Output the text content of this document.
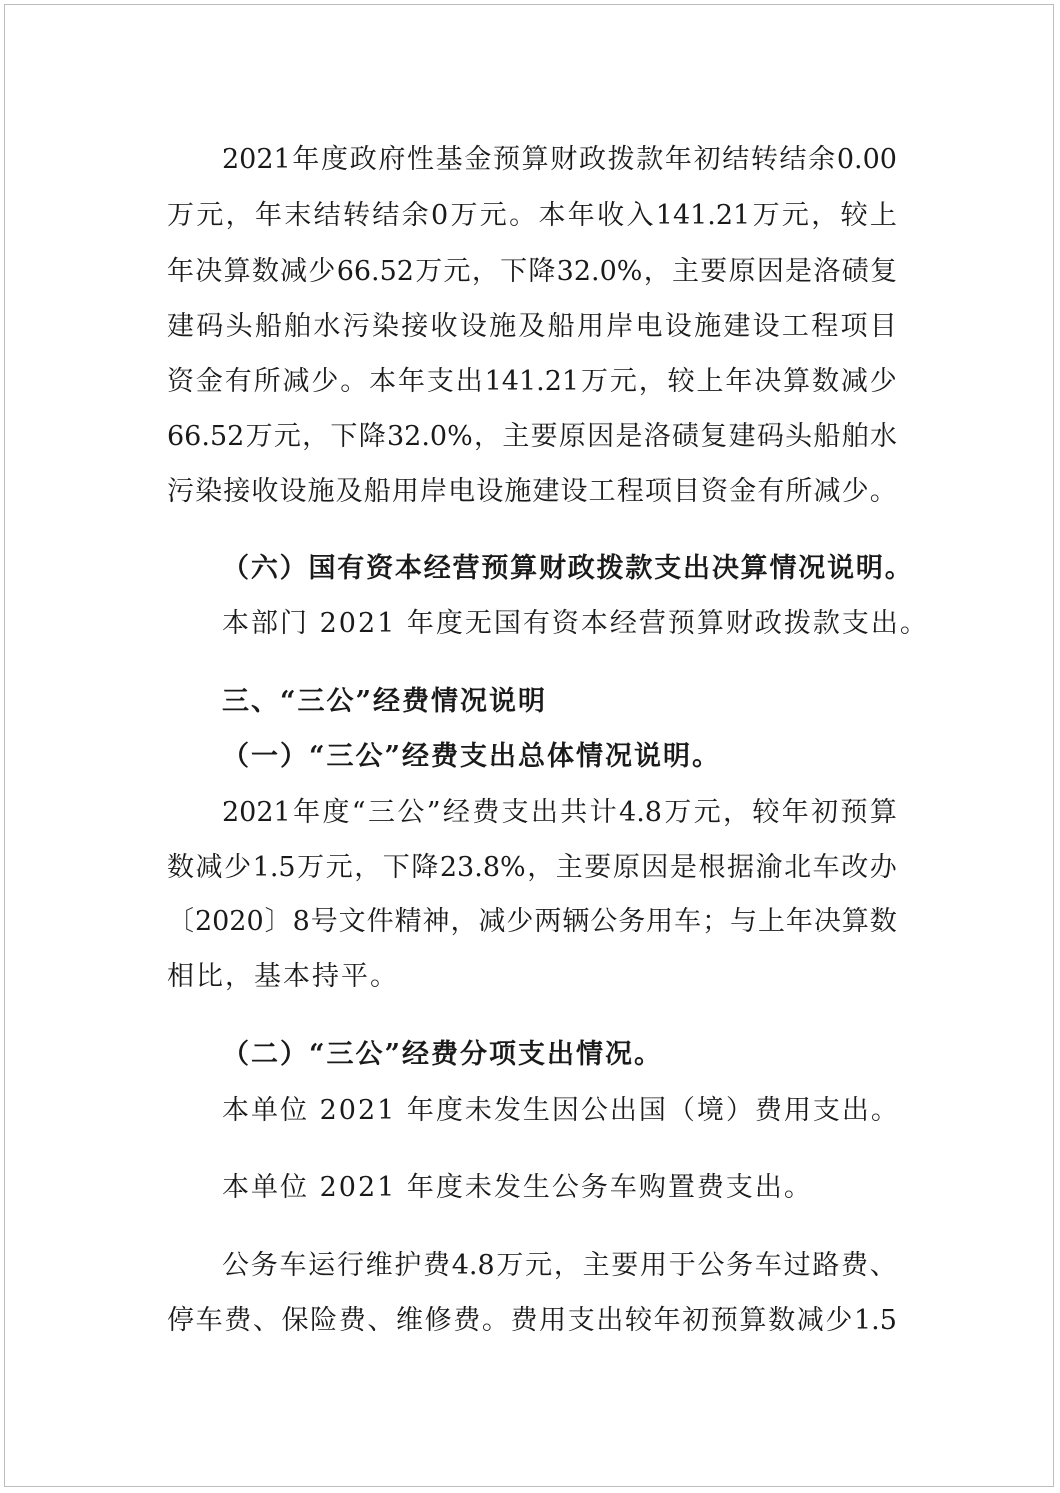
2021 年 度 政 府 性 基 金 预 算 财 政 拨 款 年 初 结 转 结 余 0.00
万 元 ， 年 末 结 转 结 余 0 万 元 。 本 年 收 入 141.21 万 元 ， 较 上
年 决 算 数 减 少 66.52 万 元 ， 下 降 32.0% ， 主 要 原 因 是 洛 碛 复
建 码 头 船 舶 水 污 染 接 收 设 施 及 船 用 岸 电 设 施 建 设 工 程 项 目
资 金 有 所 减 少 。 本 年 支 出 141.21 万 元 ， 较 上 年 决 算 数 减 少
66.52 万 元 ， 下 降 32.0% ， 主 要 原 因 是 洛 碛 复 建 码 头 船 舶 水
污 染 接 收 设 施 及 船 用 岸 电 设 施 建 设 工 程 项 目 资 金 有 所 减 少 。
（ 六 ） 国 有 资 本 经 营 预 算 财 政 拨 款 支 出 决 算 情 况 说 明 。
本部门 2021 年度无国有资本经营预算财政拨款支出。
三、“三公”经费情况说明
（一）“三公”经费支出总体情况说明。
2021 年 度 “ 三 公 ” 经 费 支 出 共 计 4.8 万 元 ， 较 年 初 预 算
数 减 少 1.5 万 元 ， 下 降 23.8% ， 主 要 原 因 是 根 据 渝 北 车 改 办
〔 2020 〕 8 号 文 件 精 神 ， 减 少 两 辆 公 务 用 车 ； 与 上 年 决 算 数
相比，基本持平。
（二）“三公”经费分项支出情况。
本单位 2021 年度未发生因公出国（境）费用支出。
本单位 2021 年度未发生公务车购置费支出。
公 务 车 运 行 维 护 费 4.8 万 元 ， 主 要 用 于 公 务 车 过 路 费 、
停 车 费 、 保 险 费 、 维 修 费 。 费 用 支 出 较 年 初 预 算 数 减 少 1.5
